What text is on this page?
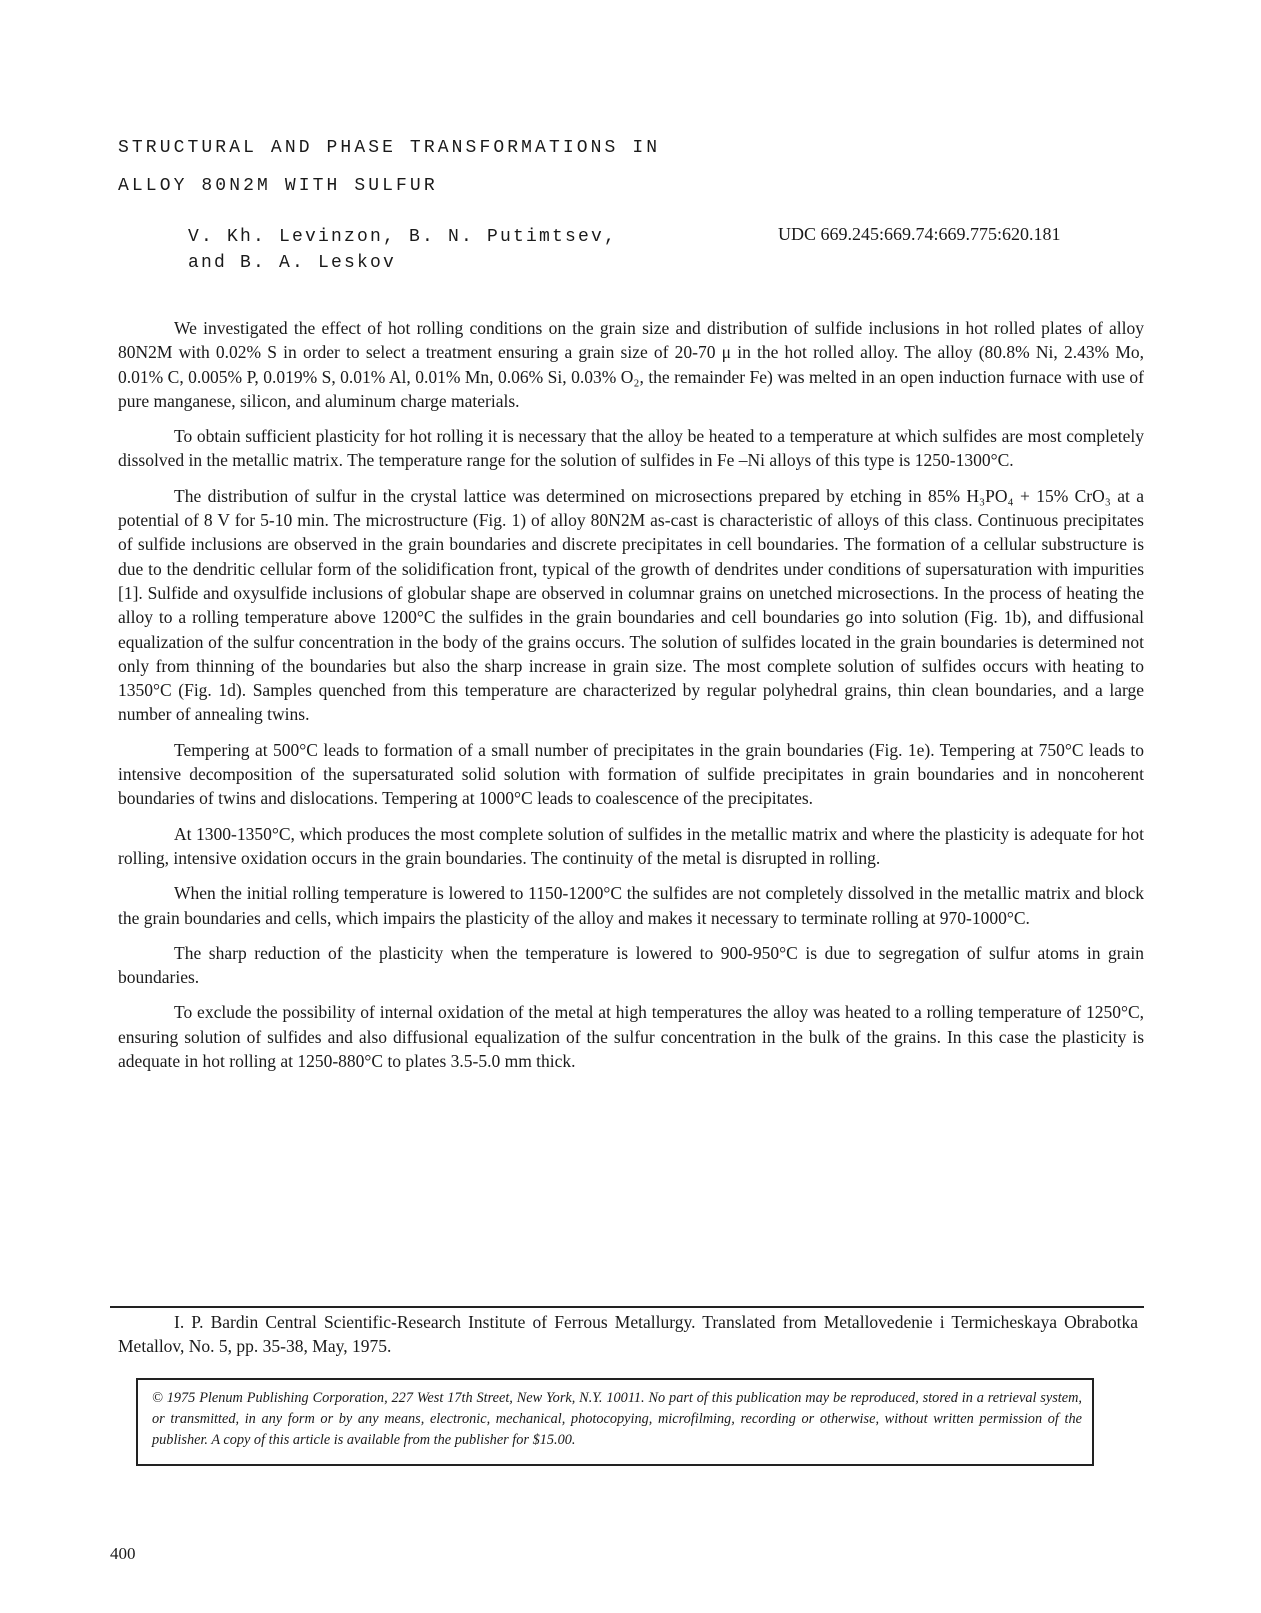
STRUCTURAL AND PHASE TRANSFORMATIONS IN
ALLOY 80N2M WITH SULFUR
V. Kh. Levinzon, B. N. Putimtsev,
and B. A. Leskov
UDC 669.245:669.74:669.775:620.181

We investigated the effect of hot rolling conditions on the grain size and distribution of sulfide inclusions in hot rolled plates of alloy 80N2M with 0.02% S in order to select a treatment ensuring a grain size of 20-70 μ in the hot rolled alloy. The alloy (80.8% Ni, 2.43% Mo, 0.01% C, 0.005% P, 0.019% S, 0.01% Al, 0.01% Mn, 0.06% Si, 0.03% O₂, the remainder Fe) was melted in an open induction furnace with use of pure manganese, silicon, and aluminum charge materials.

To obtain sufficient plasticity for hot rolling it is necessary that the alloy be heated to a temperature at which sulfides are most completely dissolved in the metallic matrix. The temperature range for the solution of sulfides in Fe –Ni alloys of this type is 1250-1300°C.

The distribution of sulfur in the crystal lattice was determined on microsections prepared by etching in 85% H₃PO₄ + 15% CrO₃ at a potential of 8 V for 5-10 min. The microstructure (Fig. 1) of alloy 80N2M as-cast is characteristic of alloys of this class. Continuous precipitates of sulfide inclusions are observed in the grain boundaries and discrete precipitates in cell boundaries. The formation of a cellular substructure is due to the dendritic cellular form of the solidification front, typical of the growth of dendrites under conditions of supersaturation with impurities [1]. Sulfide and oxysulfide inclusions of globular shape are observed in columnar grains on unetched microsections. In the process of heating the alloy to a rolling temperature above 1200°C the sulfides in the grain boundaries and cell boundaries go into solution (Fig. 1b), and diffusional equalization of the sulfur concentration in the body of the grains occurs. The solution of sulfides located in the grain boundaries is determined not only from thinning of the boundaries but also the sharp increase in grain size. The most complete solution of sulfides occurs with heating to 1350°C (Fig. 1d). Samples quenched from this temperature are characterized by regular polyhedral grains, thin clean boundaries, and a large number of annealing twins.

Tempering at 500°C leads to formation of a small number of precipitates in the grain boundaries (Fig. 1e). Tempering at 750°C leads to intensive decomposition of the supersaturated solid solution with formation of sulfide precipitates in grain boundaries and in noncoherent boundaries of twins and dislocations. Tempering at 1000°C leads to coalescence of the precipitates.

At 1300-1350°C, which produces the most complete solution of sulfides in the metallic matrix and where the plasticity is adequate for hot rolling, intensive oxidation occurs in the grain boundaries. The continuity of the metal is disrupted in rolling.

When the initial rolling temperature is lowered to 1150-1200°C the sulfides are not completely dissolved in the metallic matrix and block the grain boundaries and cells, which impairs the plasticity of the alloy and makes it necessary to terminate rolling at 970-1000°C.

The sharp reduction of the plasticity when the temperature is lowered to 900-950°C is due to segregation of sulfur atoms in grain boundaries.

To exclude the possibility of internal oxidation of the metal at high temperatures the alloy was heated to a rolling temperature of 1250°C, ensuring solution of sulfides and also diffusional equalization of the sulfur concentration in the bulk of the grains. In this case the plasticity is adequate in hot rolling at 1250-880°C to plates 3.5-5.0 mm thick.

I. P. Bardin Central Scientific-Research Institute of Ferrous Metallurgy. Translated from Metallovedenie i Termicheskaya Obrabotka Metallov, No. 5, pp. 35-38, May, 1975.

© 1975 Plenum Publishing Corporation, 227 West 17th Street, New York, N.Y. 10011. No part of this publication may be reproduced, stored in a retrieval system, or transmitted, in any form or by any means, electronic, mechanical, photocopying, microfilming, recording or otherwise, without written permission of the publisher. A copy of this article is available from the publisher for $15.00.
400
